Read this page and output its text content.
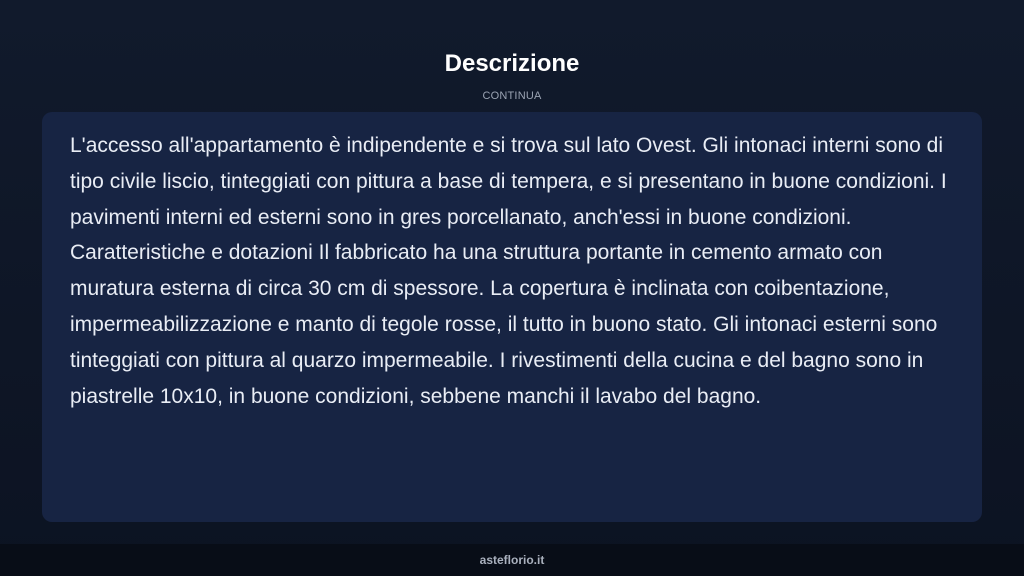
Descrizione
CONTINUA

L'accesso all'appartamento è indipendente e si trova sul lato Ovest. Gli intonaci interni sono di tipo civile liscio, tinteggiati con pittura a base di tempera, e si presentano in buone condizioni. I pavimenti interni ed esterni sono in gres porcellanato, anch'essi in buone condizioni. Caratteristiche e dotazioni Il fabbricato ha una struttura portante in cemento armato con muratura esterna di circa 30 cm di spessore. La copertura è inclinata con coibentazione, impermeabilizzazione e manto di tegole rosse, il tutto in buono stato. Gli intonaci esterni sono tinteggiati con pittura al quarzo impermeabile. I rivestimenti della cucina e del bagno sono in piastrelle 10x10, in buone condizioni, sebbene manchi il lavabo del bagno.

asteflorio.it
